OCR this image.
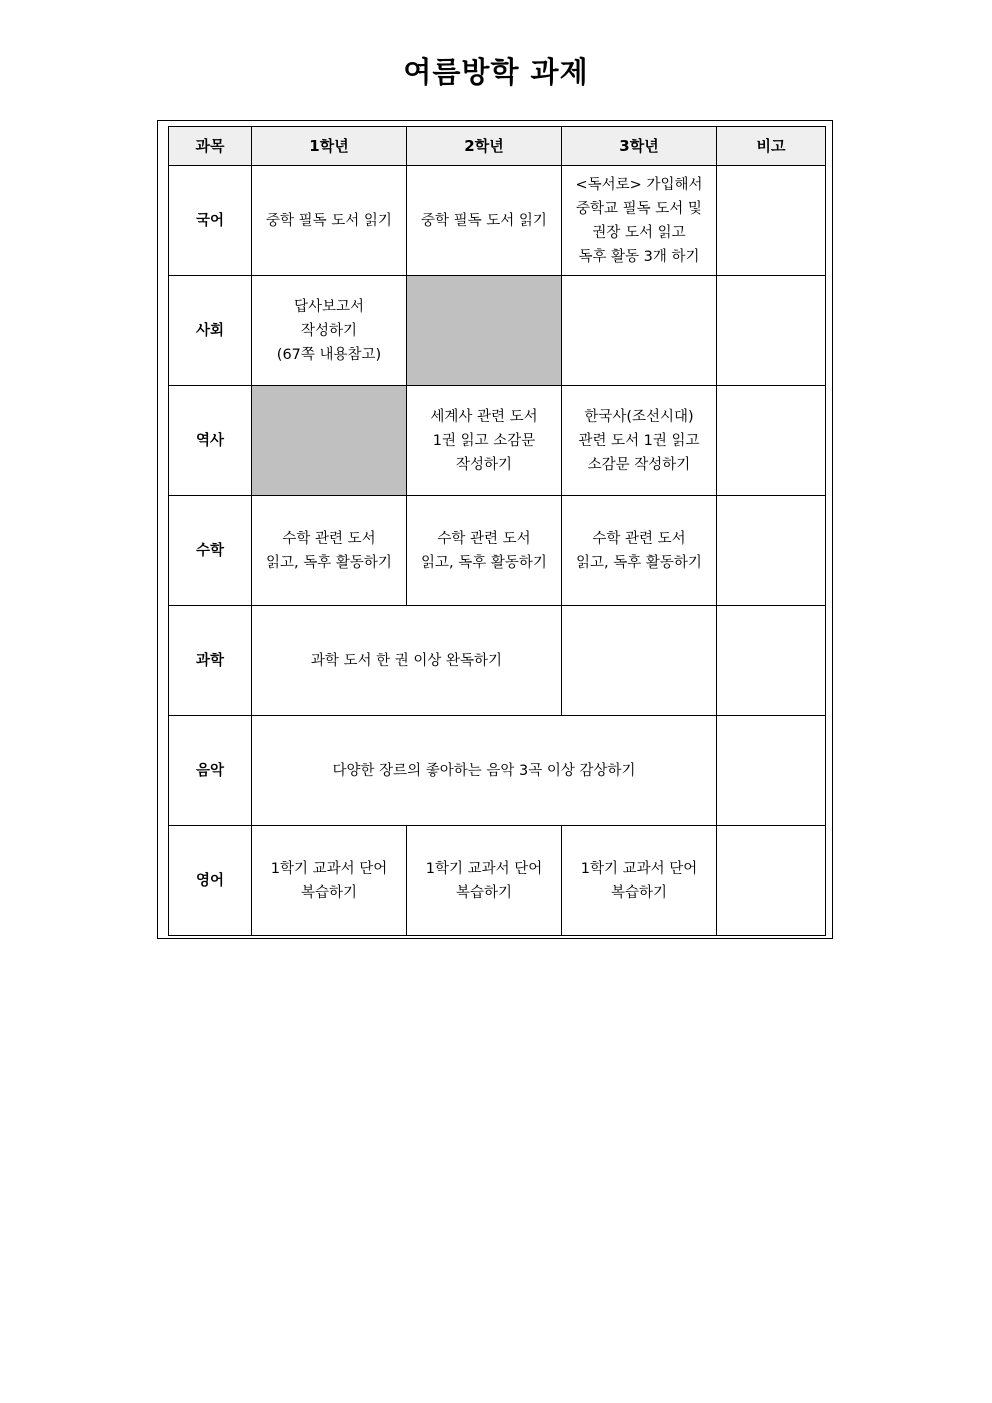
여름방학 과제
과목	1학년	2학년	3학년	비고
국어	중학 필독 도서 읽기	중학 필독 도서 읽기	<독서로> 가입해서
중학교 필독 도서 및
권장 도서 읽고
독후 활동 3개 하기	
사회	답사보고서
작성하기
(67쪽 내용참고)			
역사		세계사 관련 도서
1권 읽고 소감문
작성하기	한국사(조선시대)
관련 도서 1권 읽고
소감문 작성하기	
수학	수학 관련 도서
읽고, 독후 활동하기	수학 관련 도서
읽고, 독후 활동하기	수학 관련 도서
읽고, 독후 활동하기	
과학	과학 도서 한 권 이상 완독하기			
음악	다양한 장르의 좋아하는 음악 3곡 이상 감상하기			
영어	1학기 교과서 단어
복습하기	1학기 교과서 단어
복습하기	1학기 교과서 단어
복습하기	
